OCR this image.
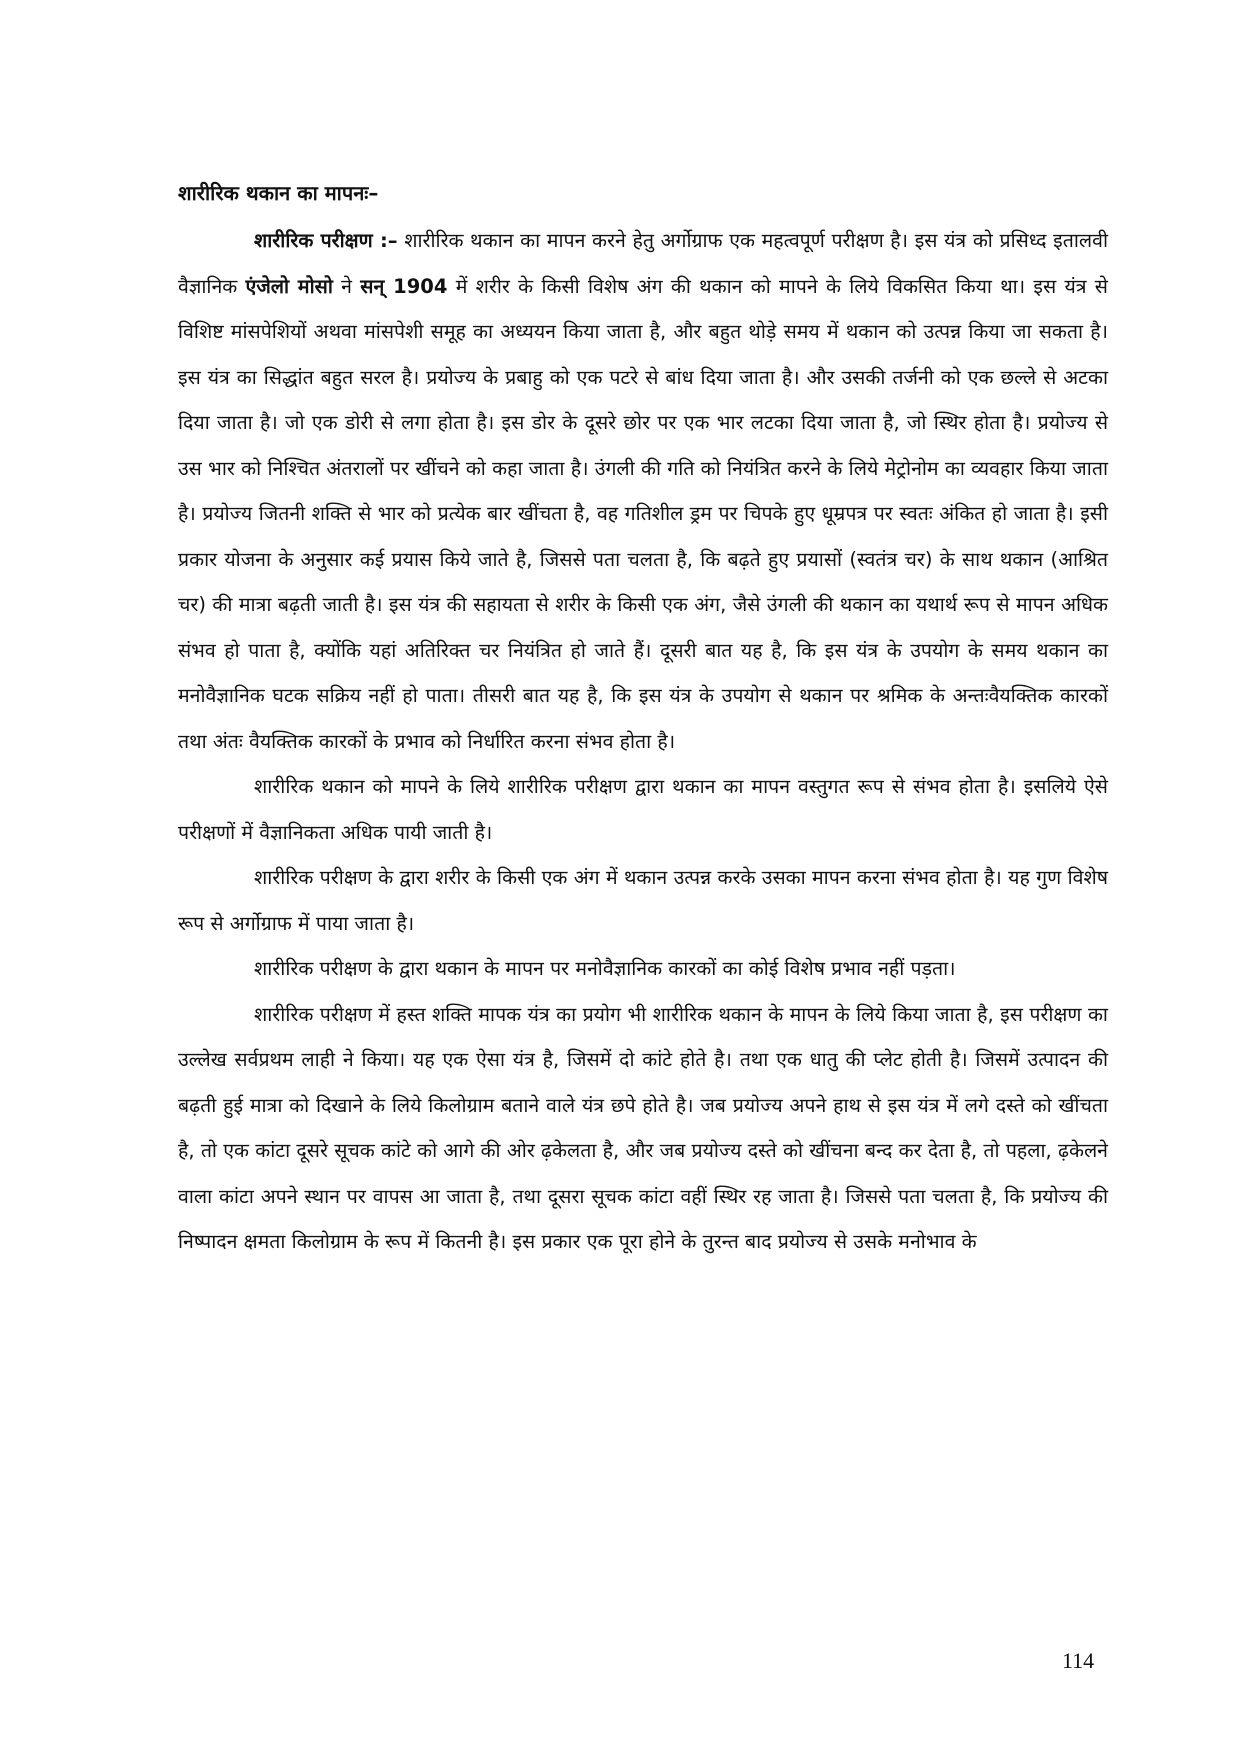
शारीरिक थकान का मापनः–

शारीरिक परीक्षण :– शारीरिक थकान का मापन करने हेतु अर्गोग्राफ एक महत्वपूर्ण परीक्षण है। इस यंत्र को प्रसिध्द इतालवी वैज्ञानिक एंजेलो मोसो ने सन् 1904 में शरीर के किसी विशेष अंग की थकान को मापने के लिये विकसित किया था। इस यंत्र से विशिष्ट मांसपेशियों अथवा मांसपेशी समूह का अध्ययन किया जाता है, और बहुत थोड़े समय में थकान को उत्पन्न किया जा सकता है। इस यंत्र का सिद्धांत बहुत सरल है। प्रयोज्य के प्रबाहु को एक पटरे से बांध दिया जाता है। और उसकी तर्जनी को एक छल्ले से अटका दिया जाता है। जो एक डोरी से लगा होता है। इस डोर के दूसरे छोर पर एक भार लटका दिया जाता है, जो स्थिर होता है। प्रयोज्य से उस भार को निश्चित अंतरालों पर खींचने को कहा जाता है। उंगली की गति को नियंत्रित करने के लिये मेट्रोनोम का व्यवहार किया जाता है। प्रयोज्य जितनी शक्ति से भार को प्रत्येक बार खींचता है, वह गतिशील ड्रम पर चिपके हुए धूम्रपत्र पर स्वतः अंकित हो जाता है। इसी प्रकार योजना के अनुसार कई प्रयास किये जाते है, जिससे पता चलता है, कि बढ़ते हुए प्रयासों (स्वतंत्र चर) के साथ थकान (आश्रित चर) की मात्रा बढ़ती जाती है। इस यंत्र की सहायता से शरीर के किसी एक अंग, जैसे उंगली की थकान का यथार्थ रूप से मापन अधिक संभव हो पाता है, क्योंकि यहां अतिरिक्त चर नियंत्रित हो जाते हैं। दूसरी बात यह है, कि इस यंत्र के उपयोग के समय थकान का मनोवैज्ञानिक घटक सक्रिय नहीं हो पाता। तीसरी बात यह है, कि इस यंत्र के उपयोग से थकान पर श्रमिक के अन्तःवैयक्तिक कारकों तथा अंतः वैयक्तिक कारकों के प्रभाव को निर्धारित करना संभव होता है।

शारीरिक थकान को मापने के लिये शारीरिक परीक्षण द्वारा थकान का मापन वस्तुगत रूप से संभव होता है। इसलिये ऐसे परीक्षणों में वैज्ञानिकता अधिक पायी जाती है।

शारीरिक परीक्षण के द्वारा शरीर के किसी एक अंग में थकान उत्पन्न करके उसका मापन करना संभव होता है। यह गुण विशेष रूप से अर्गोग्राफ में पाया जाता है।

शारीरिक परीक्षण के द्वारा थकान के मापन पर मनोवैज्ञानिक कारकों का कोई विशेष प्रभाव नहीं पड़ता।

शारीरिक परीक्षण में हस्त शक्ति मापक यंत्र का प्रयोग भी शारीरिक थकान के मापन के लिये किया जाता है, इस परीक्षण का उल्लेख सर्वप्रथम लाही ने किया। यह एक ऐसा यंत्र है, जिसमें दो कांटे होते है। तथा एक धातु की प्लेट होती है। जिसमें उत्पादन की बढ़ती हुई मात्रा को दिखाने के लिये किलोग्राम बताने वाले यंत्र छपे होते है। जब प्रयोज्य अपने हाथ से इस यंत्र में लगे दस्ते को खींचता है, तो एक कांटा दूसरे सूचक कांटे को आगे की ओर ढ़केलता है, और जब प्रयोज्य दस्ते को खींचना बन्द कर देता है, तो पहला, ढ़केलने वाला कांटा अपने स्थान पर वापस आ जाता है, तथा दूसरा सूचक कांटा वहीं स्थिर रह जाता है। जिससे पता चलता है, कि प्रयोज्य की निष्पादन क्षमता किलोग्राम के रूप में कितनी है। इस प्रकार एक पूरा होने के तुरन्त बाद प्रयोज्य से उसके मनोभाव के

114
